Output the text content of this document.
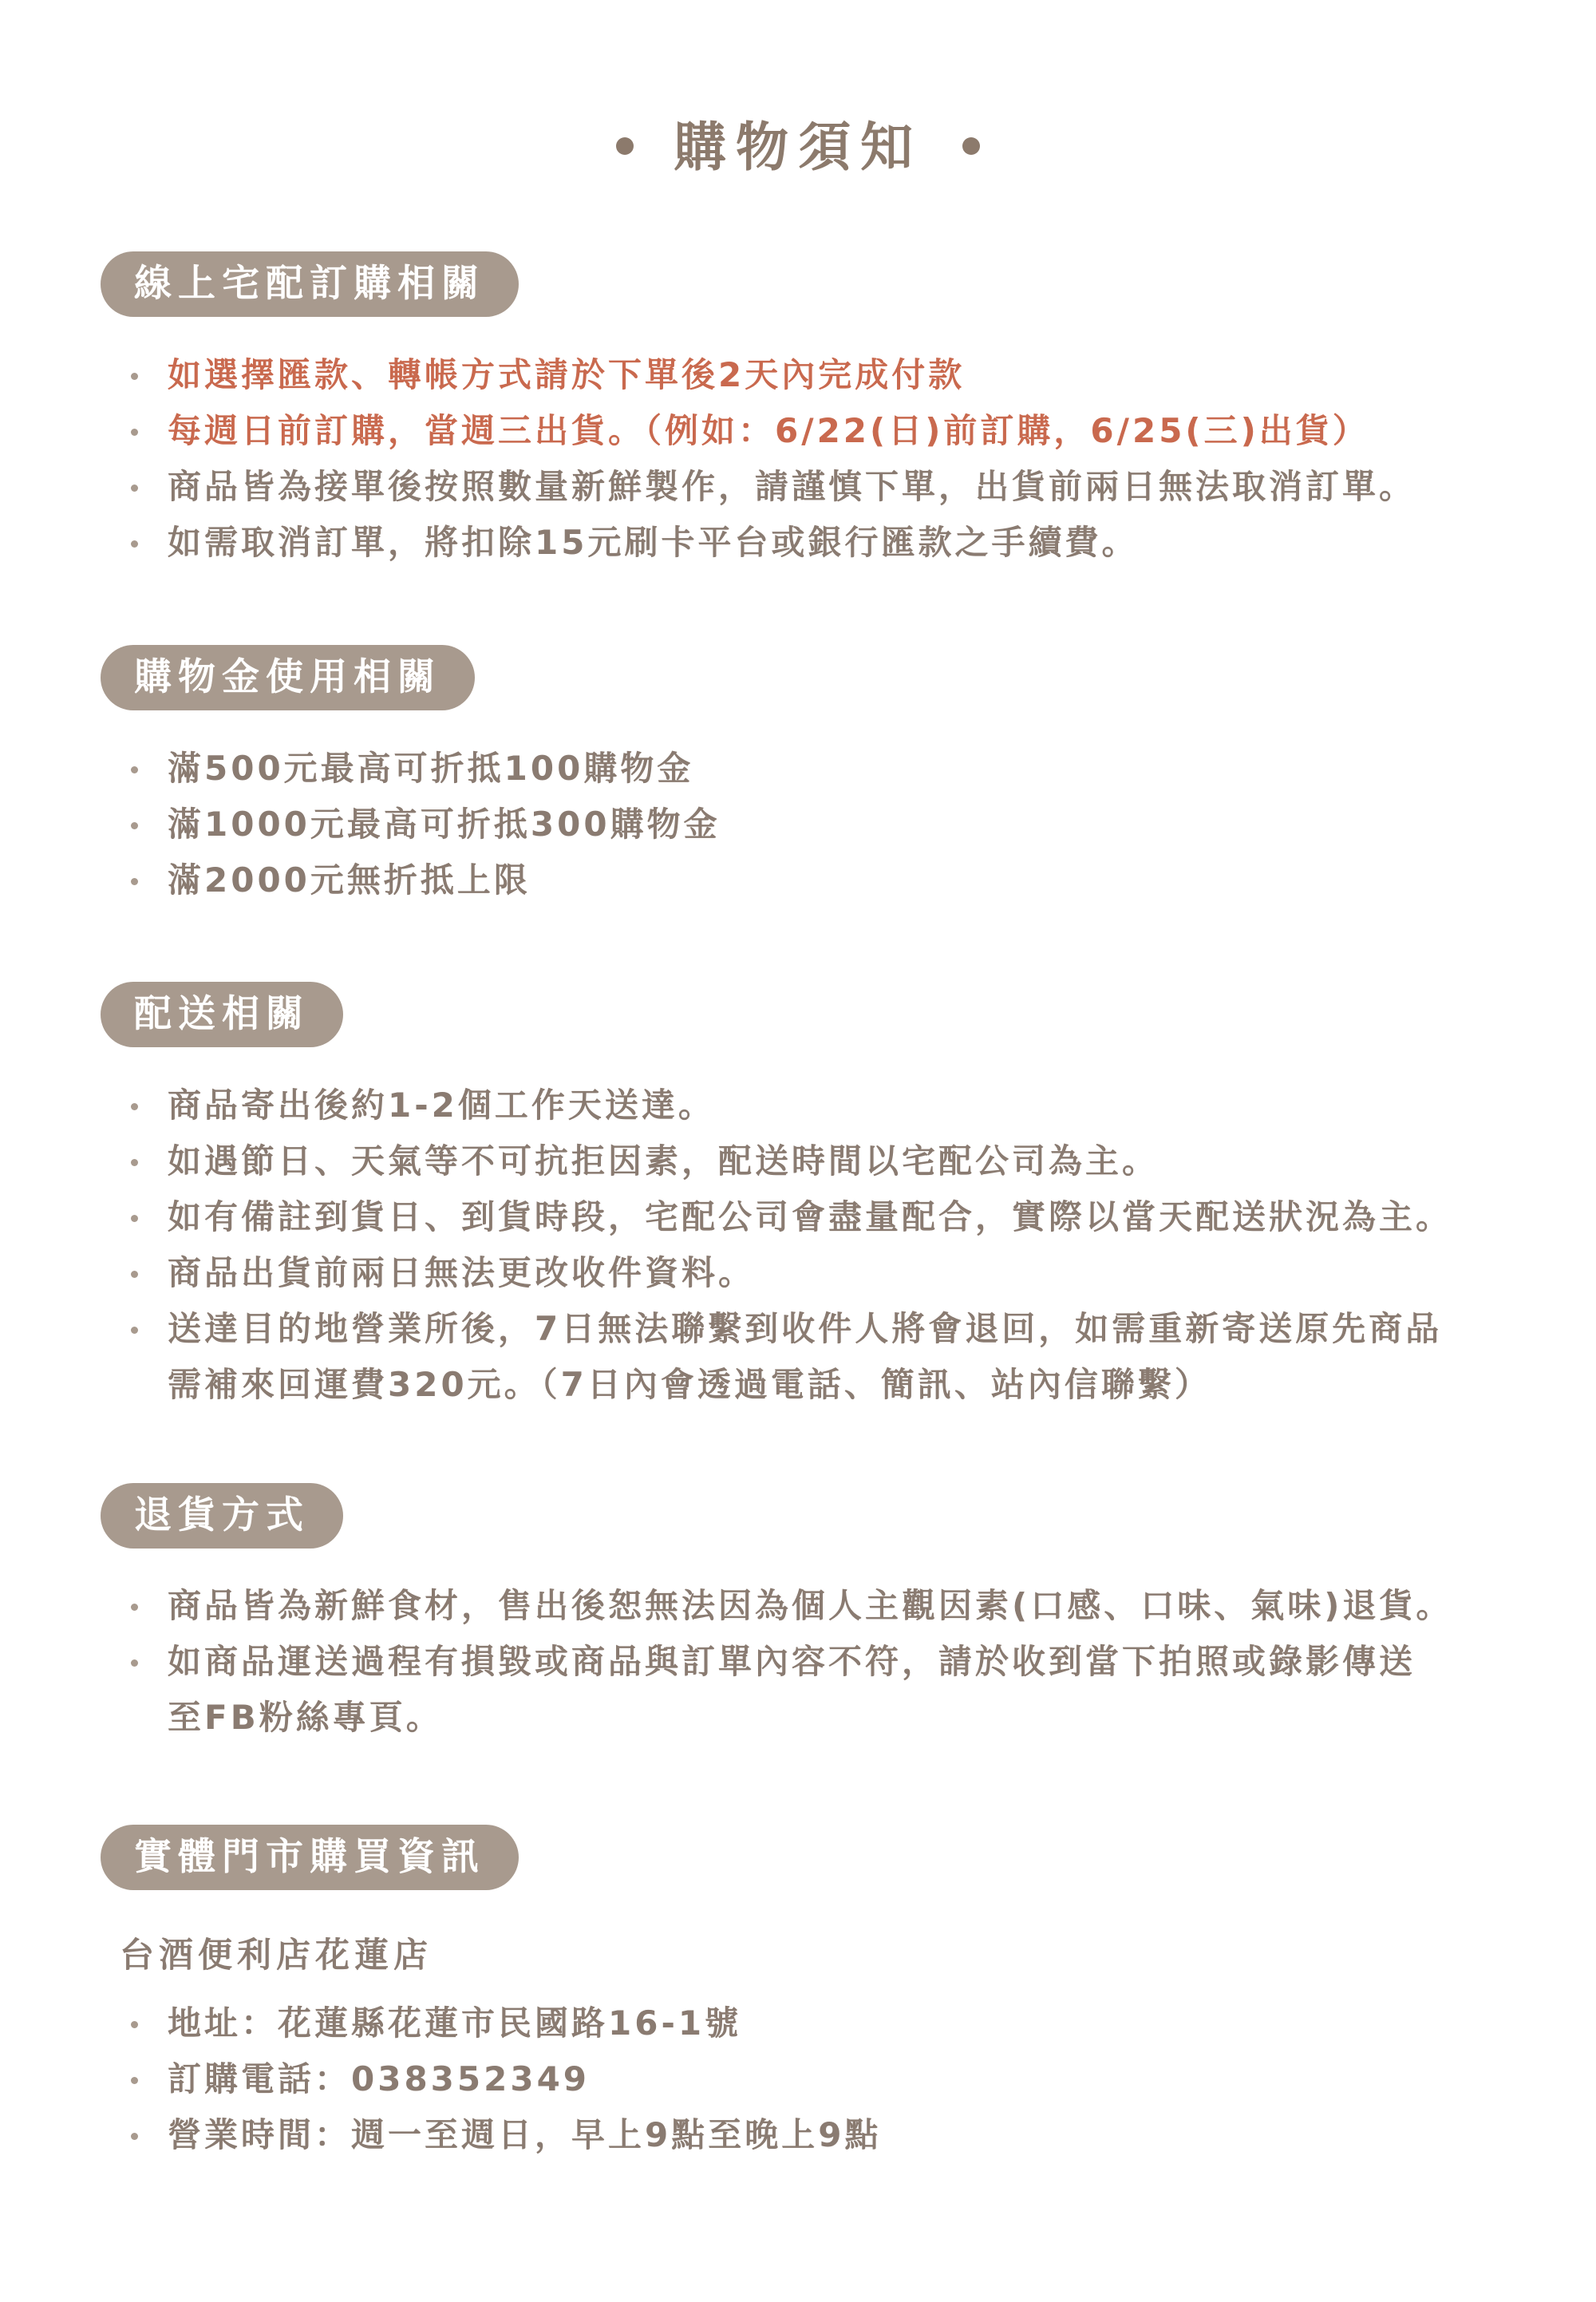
購物須知
線上宅配訂購相關
如選擇匯款、轉帳方式請於下單後2天內完成付款
每週日前訂購，當週三出貨。（例如：6/22(日)前訂購，6/25(三)出貨）
商品皆為接單後按照數量新鮮製作，請謹慎下單，出貨前兩日無法取消訂單。
如需取消訂單，將扣除15元刷卡平台或銀行匯款之手續費。
購物金使用相關
滿500元最高可折抵100購物金
滿1000元最高可折抵300購物金
滿2000元無折抵上限
配送相關
商品寄出後約1-2個工作天送達。
如遇節日、天氣等不可抗拒因素，配送時間以宅配公司為主。
如有備註到貨日、到貨時段，宅配公司會盡量配合，實際以當天配送狀況為主。
商品出貨前兩日無法更改收件資料。
送達目的地營業所後，7日無法聯繫到收件人將會退回，如需重新寄送原先商品
需補來回運費320元。（7日內會透過電話、簡訊、站內信聯繫）
退貨方式
商品皆為新鮮食材，售出後恕無法因為個人主觀因素(口感、口味、氣味)退貨。
如商品運送過程有損毀或商品與訂單內容不符，請於收到當下拍照或錄影傳送
至FB粉絲專頁。
實體門市購買資訊
台酒便利店花蓮店
地址：花蓮縣花蓮市民國路16-1號
訂購電話：038352349
營業時間：週一至週日，早上9點至晚上9點
